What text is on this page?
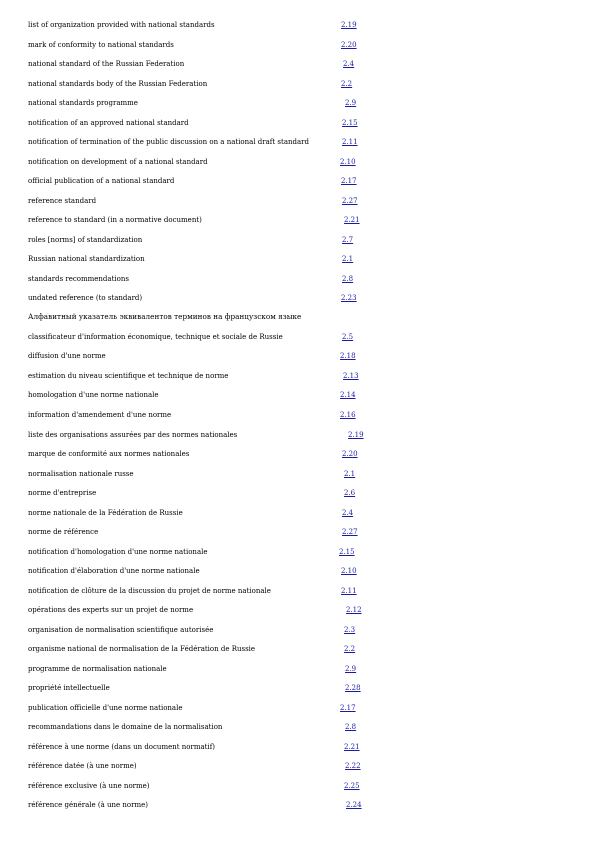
list of organization provided with national standards	2.19
mark of conformity to national standards	2.20
national standard of the Russian Federation	2.4
national standards body of the Russian Federation	2.2
national standards programme	2.9
notification of an approved national standard	2.15
notification of termination of the public discussion on a national draft standard	2.11
notification on development of a national standard	2.10
official publication of a national standard	2.17
reference standard	2.27
reference to standard (in a normative document)	2.21
roles [norms] of standardization	2.7
Russian national standardization	2.1
standards recommendations	2.8
undated reference (to standard)	2.23
Алфавитный указатель эквивалентов терминов на французском языке
classificateur d'information économique, technique et sociale de Russie	2.5
diffusion d'une norme	2.18
estimation du niveau scientifique et technique de norme	2.13
homologation d'une norme nationale	2.14
information d'amendement d'une norme	2.16
liste des organisations assurées par des normes nationales	2.19
marque de conformité aux normes nationales	2.20
normalisation nationale russe	2.1
norme d'entreprise	2.6
norme nationale de la Fédération de Russie	2.4
norme de référence	2.27
notification d'homologation d'une norme nationale	2.15
notification d'élaboration d'une norme nationale	2.10
notification de clôture de la discussion du projet de norme nationale	2.11
opérations des experts sur un projet de norme	2.12
organisation de normalisation scientifique autorisée	2.3
organisme national de normalisation de la Fédération de Russie	2.2
programme de normalisation nationale	2.9
propriété intellectuelle	2.28
publication officielle d'une norme nationale	2.17
recommandations dans le domaine de la normalisation	2.8
référence à une norme (dans un document normatif)	2.21
référence datée (à une norme)	2.22
référence exclusive (à une norme)	2.25
référence générale (à une norme)	2.24
